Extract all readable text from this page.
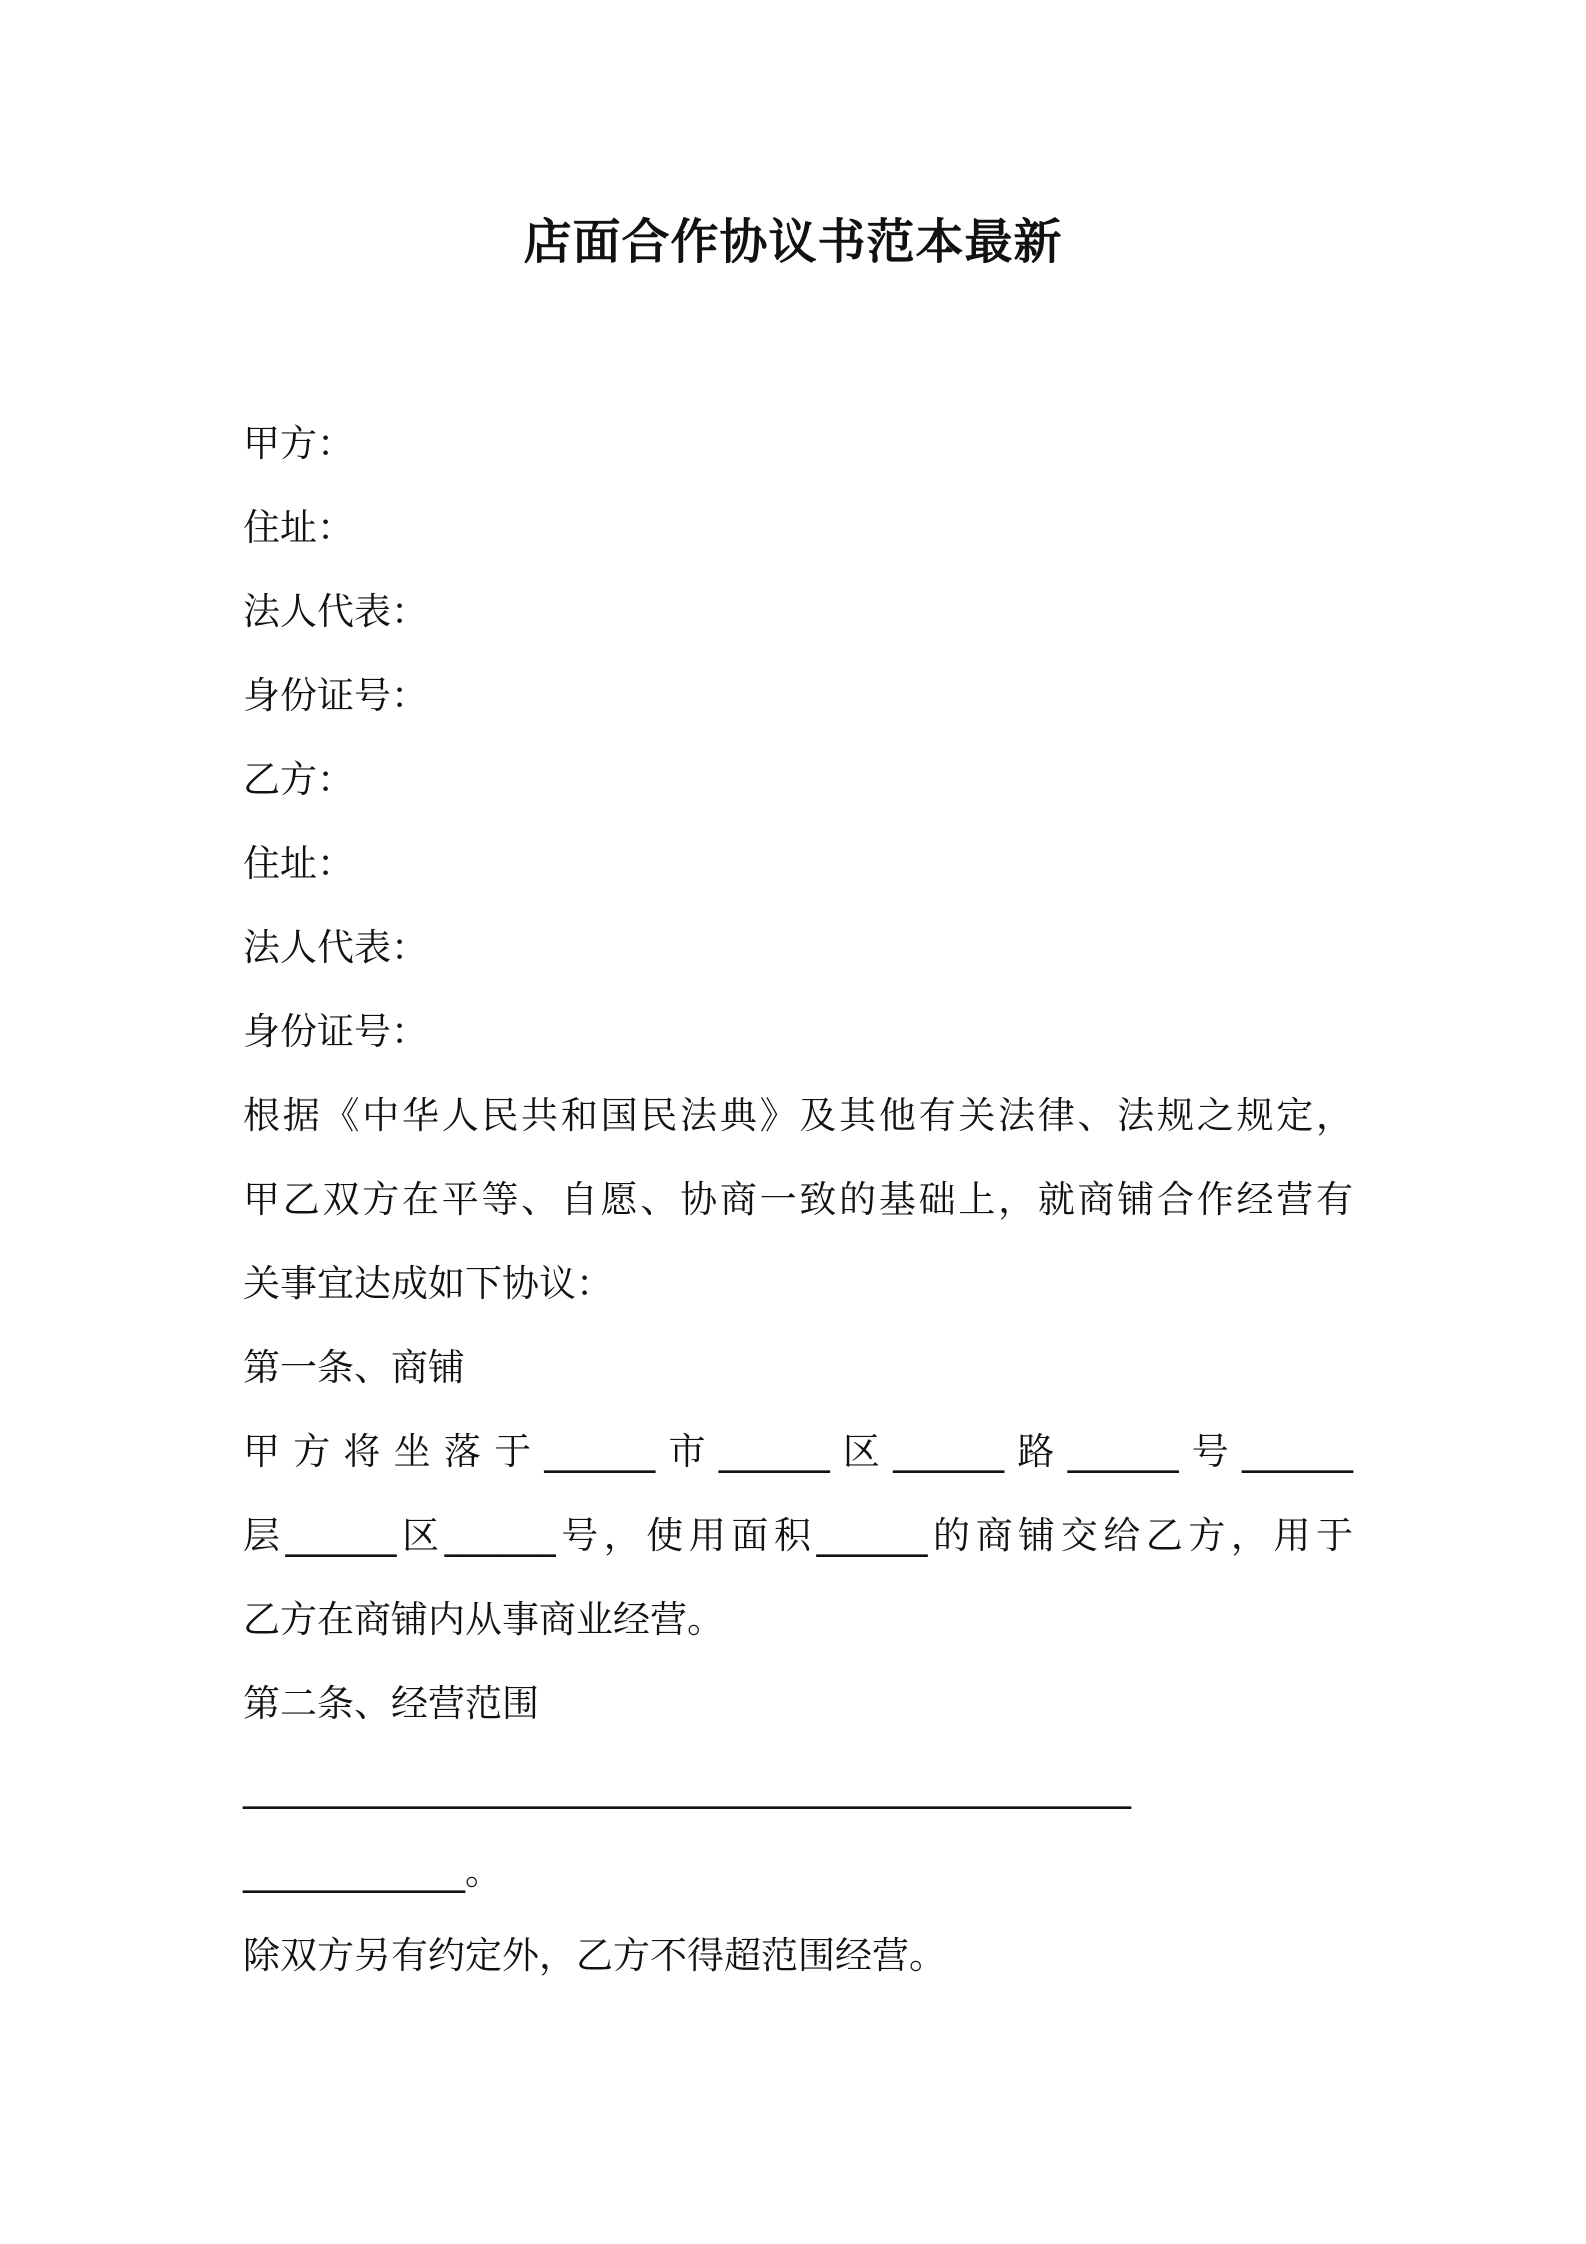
店面合作协议书范本最新
甲方：
住址：
法人代表：
身份证号：
乙方：
住址：
法人代表：
身份证号：
根据《中华人民共和国民法典》及其他有关法律、法规之规定，
甲乙双方在平等、自愿、协商一致的基础上，就商铺合作经营有
关事宜达成如下协议：
第一条、商铺
甲方将坐落于______市______区______路______号______
层______区______号，使用面积______的商铺交给乙方，用于
乙方在商铺内从事商业经营。
第二条、经营范围
________________________________________________
____________。
除双方另有约定外，乙方不得超范围经营。
